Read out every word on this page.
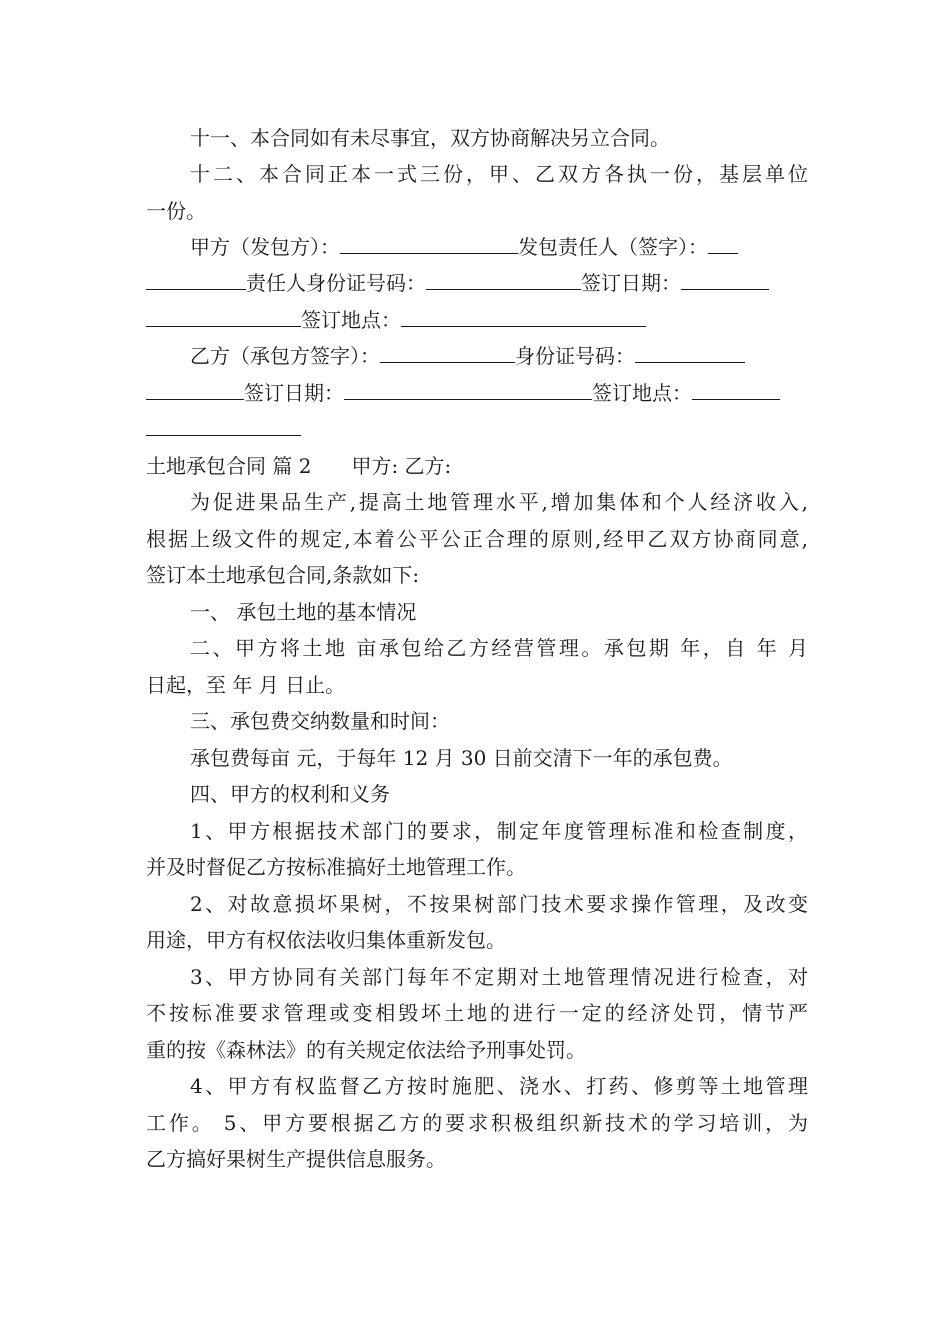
十一、本合同如有未尽事宜，双方协商解决另立合同。
十二、本合同正本一式三份，甲、乙双方各执一份，基层单位
一份。
甲方（发包方）：	发包责任人（签字）：
责任人身份证号码：	签订日期：
签订地点：
乙方（承包方签字）：	身份证号码：
签订日期：	签订地点：
土地承包合同 篇 2　　甲方: 乙方:
为促进果品生产,提高土地管理水平,增加集体和个人经济收入,
根据上级文件的规定,本着公平公正合理的原则,经甲乙双方协商同意,
签订本土地承包合同,条款如下:
一、 承包土地的基本情况
二、甲方将土地 亩承包给乙方经营管理。承包期 年，自 年 月
日起，至 年 月 日止。
三、承包费交纳数量和时间：
承包费每亩 元，于每年 12 月 30 日前交清下一年的承包费。
四、甲方的权利和义务
1、甲方根据技术部门的要求，制定年度管理标准和检查制度，
并及时督促乙方按标准搞好土地管理工作。
2、对故意损坏果树，不按果树部门技术要求操作管理，及改变
用途，甲方有权依法收归集体重新发包。
3、甲方协同有关部门每年不定期对土地管理情况进行检查，对
不按标准要求管理或变相毁坏土地的进行一定的经济处罚，情节严
重的按《森林法》的有关规定依法给予刑事处罚。
4、甲方有权监督乙方按时施肥、浇水、打药、修剪等土地管理
工作。 5、甲方要根据乙方的要求积极组织新技术的学习培训，为
乙方搞好果树生产提供信息服务。
